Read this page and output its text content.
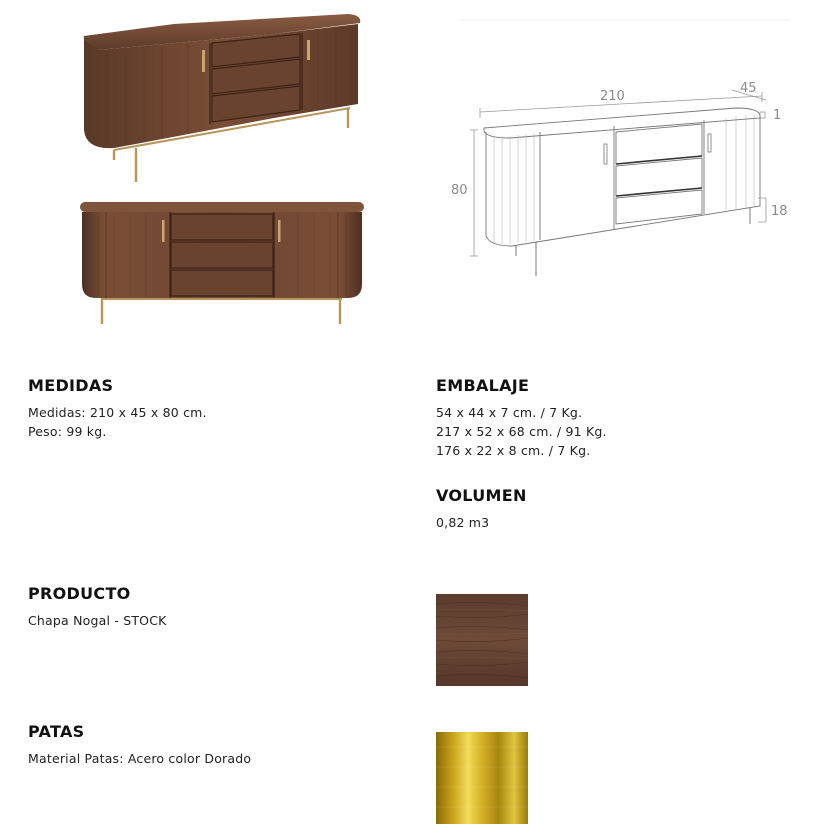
210
45
1
80
18
MEDIDAS

Medidas: 210 x 45 x 80 cm.

Peso: 99 kg.

EMBALAJE

54 x 44 x 7 cm. / 7 Kg.

217 x 52 x 68 cm. / 91 Kg.

176 x 22 x 8 cm. / 7 Kg.

VOLUMEN

0,82 m3

PRODUCTO

Chapa Nogal - STOCK

PATAS

Material Patas: Acero color Dorado
